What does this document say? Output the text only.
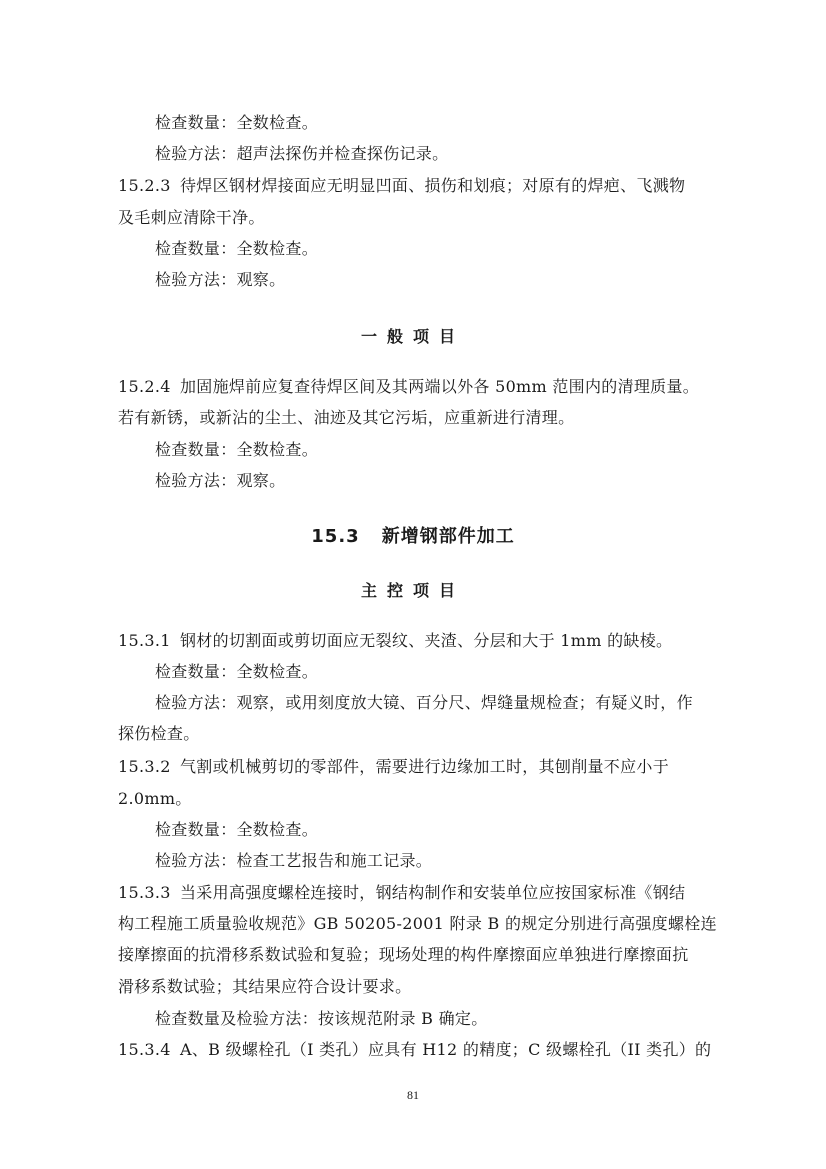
检查数量：全数检查。
检验方法：超声法探伤并检查探伤记录。
15.2.3 待焊区钢材焊接面应无明显凹面、损伤和划痕；对原有的焊疤、飞溅物
及毛刺应清除干净。
检查数量：全数检查。
检验方法：观察。
一般项目
15.2.4 加固施焊前应复查待焊区间及其两端以外各 50mm 范围内的清理质量。
若有新锈，或新沾的尘土、油迹及其它污垢，应重新进行清理。
检查数量：全数检查。
检验方法：观察。
15.3 新增钢部件加工
主控项目
15.3.1 钢材的切割面或剪切面应无裂纹、夹渣、分层和大于 1mm 的缺棱。
检查数量：全数检查。
检验方法：观察，或用刻度放大镜、百分尺、焊缝量规检查；有疑义时，作
探伤检查。
15.3.2 气割或机械剪切的零部件，需要进行边缘加工时，其刨削量不应小于
2.0mm。
检查数量：全数检查。
检验方法：检查工艺报告和施工记录。
15.3.3 当采用高强度螺栓连接时，钢结构制作和安装单位应按国家标准《钢结
构工程施工质量验收规范》GB 50205-2001 附录 B 的规定分别进行高强度螺栓连
接摩擦面的抗滑移系数试验和复验；现场处理的构件摩擦面应单独进行摩擦面抗
滑移系数试验；其结果应符合设计要求。
检查数量及检验方法：按该规范附录 B 确定。
15.3.4 A、B 级螺栓孔（I 类孔）应具有 H12 的精度；C 级螺栓孔（II 类孔）的
81
